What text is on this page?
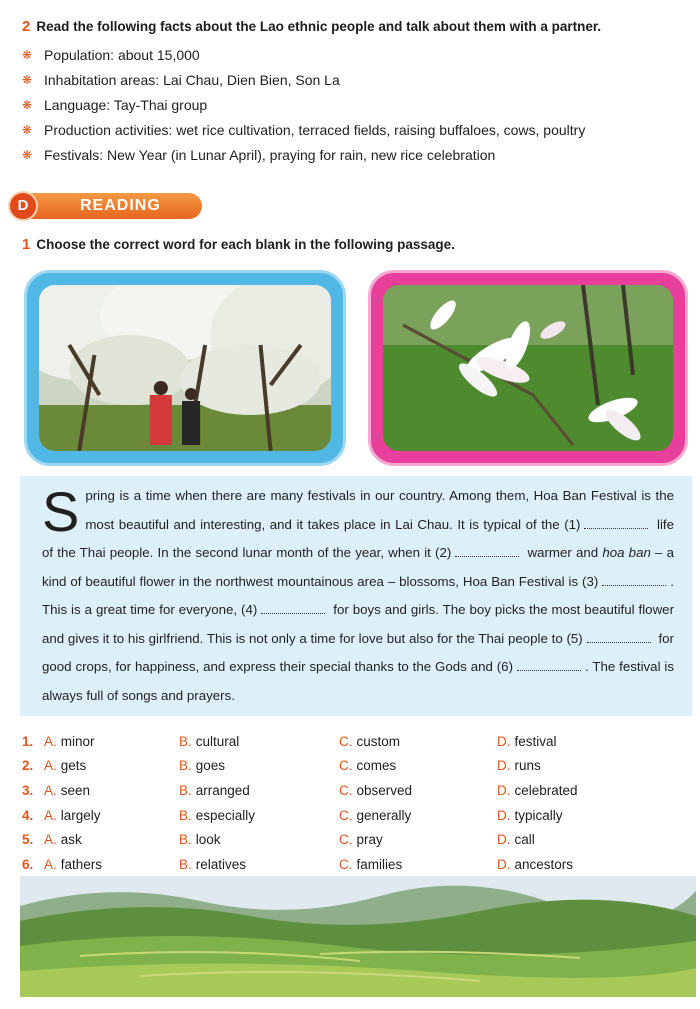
2 Read the following facts about the Lao ethnic people and talk about them with a partner.
❋ Population: about 15,000
❋ Inhabitation areas: Lai Chau, Dien Bien, Son La
❋ Language: Tay-Thai group
❋ Production activities: wet rice cultivation, terraced fields, raising buffaloes, cows, poultry
❋ Festivals: New Year (in Lunar April), praying for rain, new rice celebration
D	READING
1 Choose the correct word for each blank in the following passage.
Spring is a time when there are many festivals in our country. Among them, Hoa Ban Festival is the most beautiful and interesting, and it takes place in Lai Chau. It is typical of the (1)	life of the Thai people. In the second lunar month of the year, when it (2)	warmer and hoa ban – a kind of beautiful flower in the northwest mountainous area – blossoms, Hoa Ban Festival is (3)	. This is a great time for everyone, (4)	for boys and girls. The boy picks the most beautiful flower and gives it to his girlfriend. This is not only a time for love but also for the Thai people to (5)	for good crops, for happiness, and express their special thanks to the Gods and (6)	. The festival is always full of songs and prayers.
1. A. minor	B. cultural	C. custom	D. festival
2. A. gets	B. goes	C. comes	D. runs
3. A. seen	B. arranged	C. observed	D. celebrated
4. A. largely	B. especially	C. generally	D. typically
5. A. ask	B. look	C. pray	D. call
6. A. fathers	B. relatives	C. families	D. ancestors
